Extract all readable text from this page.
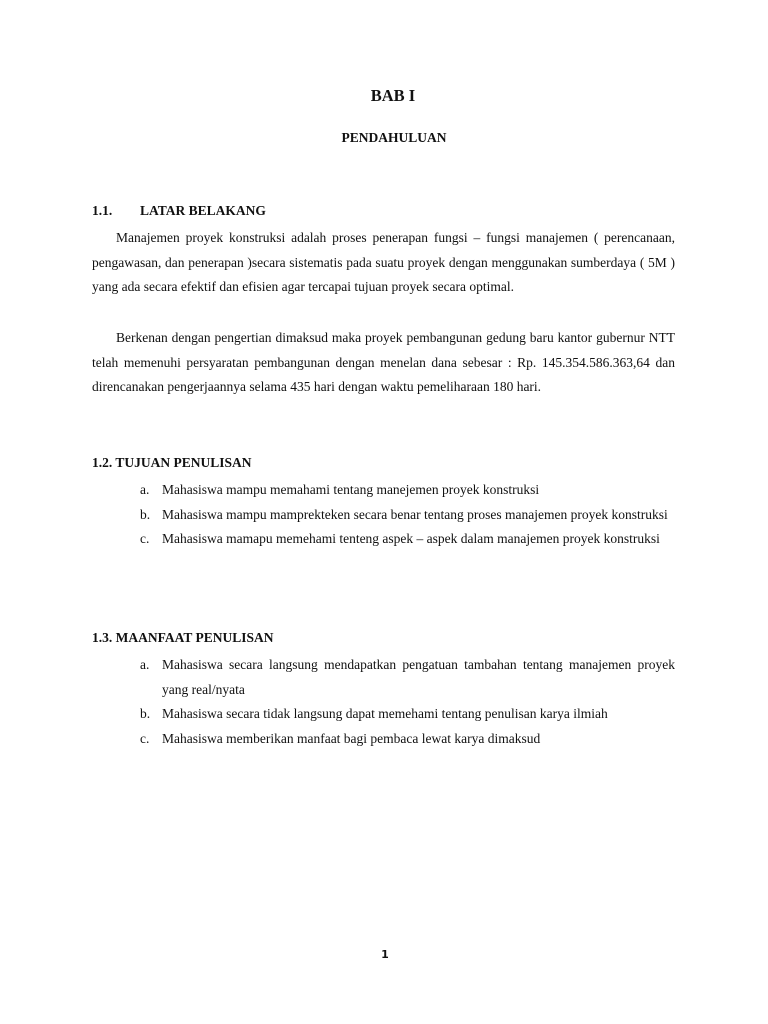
BAB I
PENDAHULUAN
1.1. LATAR BELAKANG

Manajemen proyek konstruksi adalah proses penerapan fungsi – fungsi manajemen ( perencanaan, pengawasan, dan penerapan )secara sistematis pada suatu proyek dengan menggunakan sumberdaya ( 5M ) yang ada secara efektif dan efisien agar tercapai tujuan proyek secara optimal.

Berkenan dengan pengertian dimaksud maka proyek pembangunan gedung baru kantor gubernur NTT telah memenuhi persyaratan pembangunan dengan menelan dana sebesar : Rp. 145.354.586.363,64 dan direncanakan pengerjaannya selama 435 hari dengan waktu pemeliharaan 180 hari.

1.2. TUJUAN PENULISAN
a. Mahasiswa mampu memahami tentang manejemen proyek konstruksi
b. Mahasiswa mampu mamprekteken secara benar tentang proses manajemen proyek konstruksi
c. Mahasiswa mamapu memehami tenteng aspek – aspek dalam manajemen proyek konstruksi
1.3. MAANFAAT PENULISAN
a. Mahasiswa secara langsung mendapatkan pengatuan tambahan tentang manajemen proyek yang real/nyata
b. Mahasiswa secara tidak langsung dapat memehami tentang penulisan karya ilmiah
c. Mahasiswa memberikan manfaat bagi pembaca lewat karya dimaksud
1
